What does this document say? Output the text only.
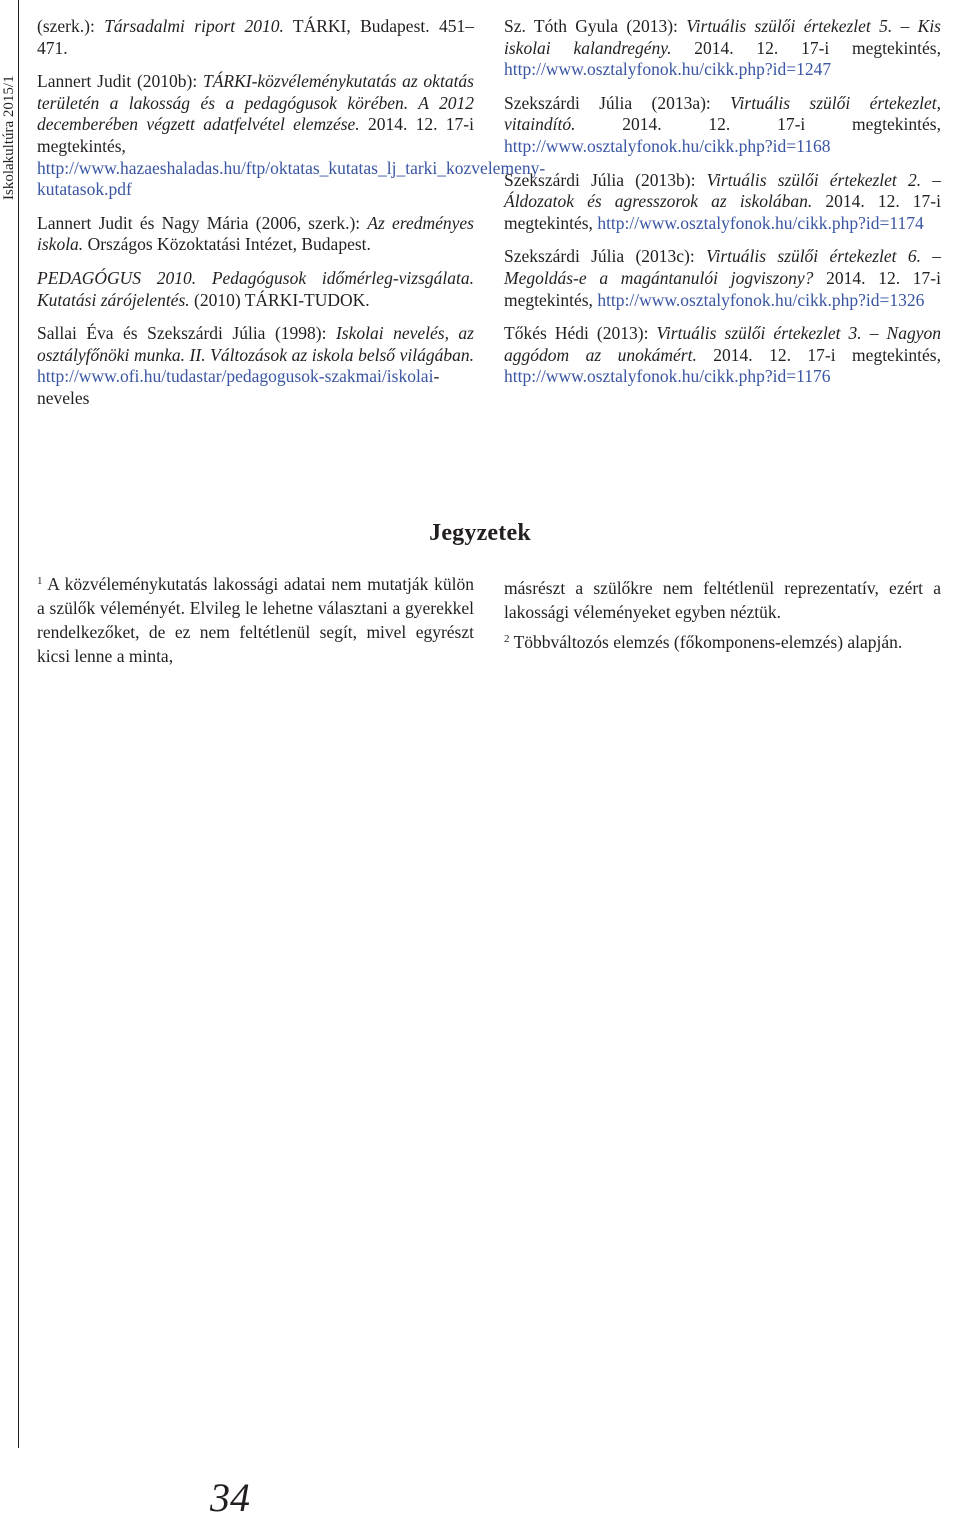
Iskolakultúra 2015/1

(szerk.): Társadalmi riport 2010. TÁRKI, Budapest. 451–471.

Lannert Judit (2010b): TÁRKI-közvéleménykutatás az oktatás területén a lakosság és a pedagógusok körében. A 2012 decemberében végzett adatfelvétel elemzése. 2014. 12. 17-i megtekintés, http://www.hazaeshaladas.hu/ftp/oktatas_kutatas_lj_tarki_kozvelemeny-kutatasok.pdf

Lannert Judit és Nagy Mária (2006, szerk.): Az eredményes iskola. Országos Közoktatási Intézet, Budapest.

PEDAGÓGUS 2010. Pedagógusok időmérleg-vizsgálata. Kutatási zárójelentés. (2010) TÁRKI-TUDOK.

Sallai Éva és Szekszárdi Júlia (1998): Iskolai nevelés, az osztályfőnöki munka. II. Változások az iskola belső világában. http://www.ofi.hu/tudastar/pedagogusok-szakmai/iskolai-neveles

Sz. Tóth Gyula (2013): Virtuális szülői értekezlet 5. – Kis iskolai kalandregény. 2014. 12. 17-i megtekintés, http://www.osztalyfonok.hu/cikk.php?id=1247

Szekszárdi Júlia (2013a): Virtuális szülői értekezlet, vitaindító. 2014. 12. 17-i megtekintés, http://www.osztalyfonok.hu/cikk.php?id=1168

Szekszárdi Júlia (2013b): Virtuális szülői értekezlet 2. – Áldozatok és agresszorok az iskolában. 2014. 12. 17-i megtekintés, http://www.osztalyfonok.hu/cikk.php?id=1174

Szekszárdi Júlia (2013c): Virtuális szülői értekezlet 6. – Megoldás-e a magántanulói jogviszony? 2014. 12. 17-i megtekintés, http://www.osztalyfonok.hu/cikk.php?id=1326

Tőkés Hédi (2013): Virtuális szülői értekezlet 3. – Nagyon aggódom az unokámért. 2014. 12. 17-i megtekintés, http://www.osztalyfonok.hu/cikk.php?id=1176

Jegyzetek

$^1$ A közvéleménykutatás lakossági adatai nem mutatják külön a szülők véleményét. Elvileg le lehetne választani a gyerekkel rendelkezőket, de ez nem feltétlenül segít, mivel egyrészt kicsi lenne a minta,

másrészt a szülőkre nem feltétlenül reprezentatív, ezért a lakossági véleményeket egyben néztük.

$^2$ Többváltozós elemzés (főkomponens-elemzés) alapján.

34
